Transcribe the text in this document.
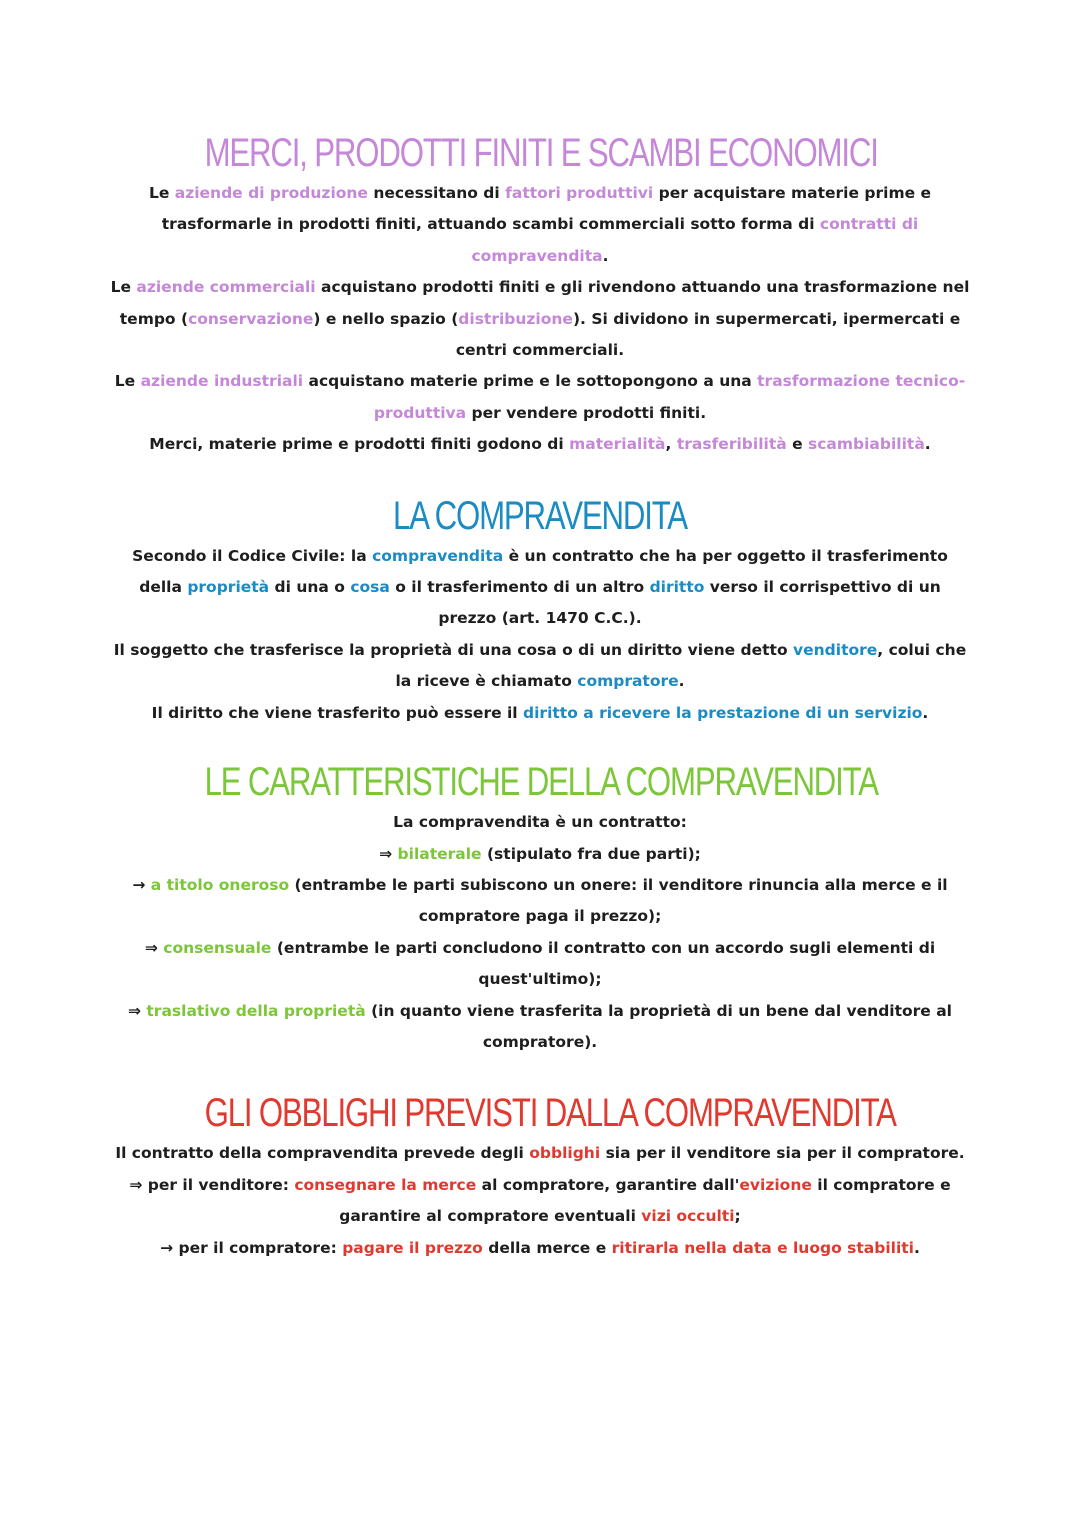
MERCI, PRODOTTI FINITI E SCAMBI ECONOMICI

Le aziende di produzione necessitano di fattori produttivi per acquistare materie prime e trasformarle in prodotti finiti, attuando scambi commerciali sotto forma di contratti di compravendita.

Le aziende commerciali acquistano prodotti finiti e gli rivendono attuando una trasformazione nel tempo (conservazione) e nello spazio (distribuzione). Si dividono in supermercati, ipermercati e centri commerciali.

Le aziende industriali acquistano materie prime e le sottopongono a una trasformazione tecnico-produttiva per vendere prodotti finiti.

Merci, materie prime e prodotti finiti godono di materialità, trasferibilità e scambiabilità.

LA COMPRAVENDITA

Secondo il Codice Civile: la compravendita è un contratto che ha per oggetto il trasferimento della proprietà di una o cosa o il trasferimento di un altro diritto verso il corrispettivo di un prezzo (art. 1470 C.C.).

Il soggetto che trasferisce la proprietà di una cosa o di un diritto viene detto venditore, colui che la riceve è chiamato compratore.

Il diritto che viene trasferito può essere il diritto a ricevere la prestazione di un servizio.

LE CARATTERISTICHE DELLA COMPRAVENDITA

La compravendita è un contratto:

⇒ bilaterale (stipulato fra due parti);

→ a titolo oneroso (entrambe le parti subiscono un onere: il venditore rinuncia alla merce e il compratore paga il prezzo);

⇒ consensuale (entrambe le parti concludono il contratto con un accordo sugli elementi di quest'ultimo);

⇒ traslativo della proprietà (in quanto viene trasferita la proprietà di un bene dal venditore al compratore).

GLI OBBLIGHI PREVISTI DALLA COMPRAVENDITA

Il contratto della compravendita prevede degli obblighi sia per il venditore sia per il compratore.

⇒ per il venditore: consegnare la merce al compratore, garantire dall'evizione il compratore e garantire al compratore eventuali vizi occulti;

→ per il compratore: pagare il prezzo della merce e ritirarla nella data e luogo stabiliti.
